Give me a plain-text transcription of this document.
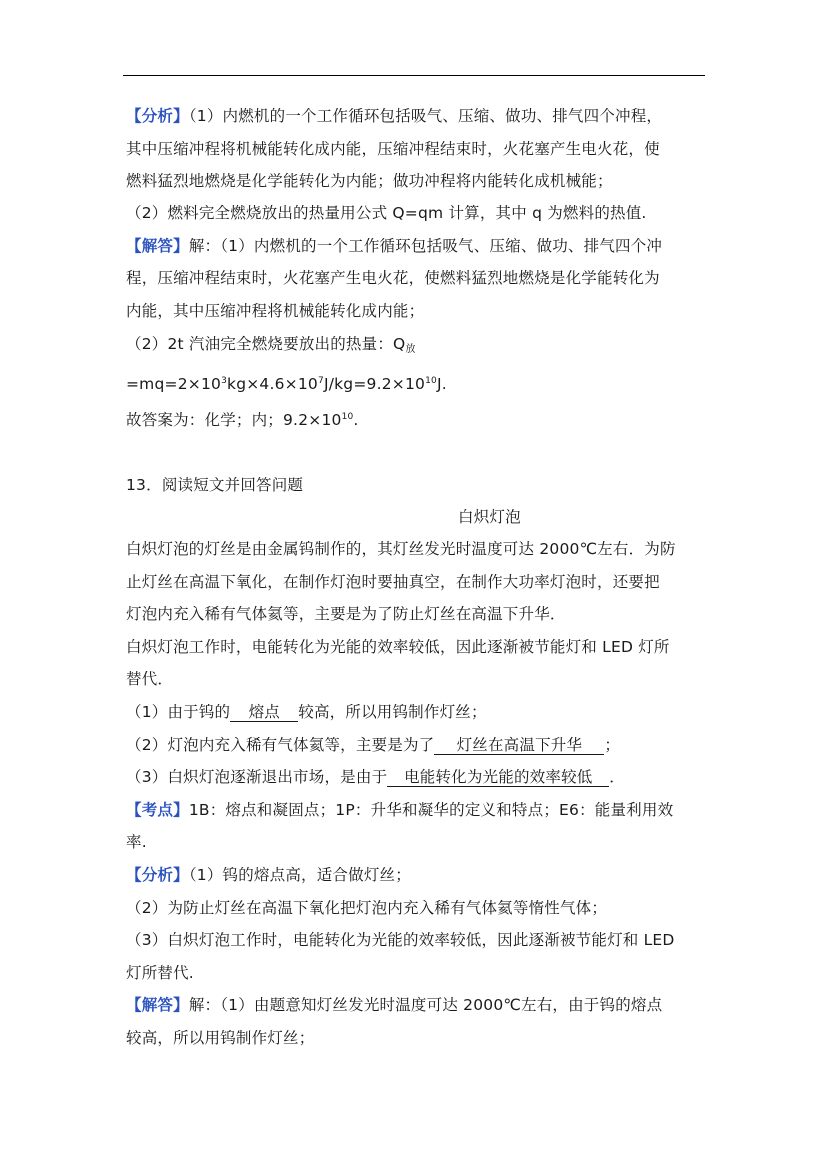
【分析】（1）内燃机的一个工作循环包括吸气、压缩、做功、排气四个冲程，
其中压缩冲程将机械能转化成内能，压缩冲程结束时，火花塞产生电火花，使
燃料猛烈地燃烧是化学能转化为内能；做功冲程将内能转化成机械能；
（2）燃料完全燃烧放出的热量用公式 Q=qm 计算，其中 q 为燃料的热值.
【解答】解：（1）内燃机的一个工作循环包括吸气、压缩、做功、排气四个冲
程，压缩冲程结束时，火花塞产生电火花，使燃料猛烈地燃烧是化学能转化为
内能，其中压缩冲程将机械能转化成内能；
（2）2t 汽油完全燃烧要放出的热量：$Q_放$
$=mq=2\times 10^3kg\times 4.6\times 10^7J/kg=9.2\times 10^{10}J$.
故答案为：化学；内；$9.2\times 10^{10}$.
13．阅读短文并回答问题
白炽灯泡
白炽灯泡的灯丝是由金属钨制作的，其灯丝发光时温度可达 2000℃左右．为防
止灯丝在高温下氧化，在制作灯泡时要抽真空，在制作大功率灯泡时，还要把
灯泡内充入稀有气体氦等，主要是为了防止灯丝在高温下升华．
白炽灯泡工作时，电能转化为光能的效率较低，因此逐渐被节能灯和 LED 灯所
替代．
（1）由于钨的 熔点 较高，所以用钨制作灯丝；
（2）灯泡内充入稀有气体氦等，主要是为了 灯丝在高温下升华 ；
（3）白炽灯泡逐渐退出市场，是由于 电能转化为光能的效率较低 ．
【考点】1B：熔点和凝固点；1P：升华和凝华的定义和特点；E6：能量利用效
率.
【分析】（1）钨的熔点高，适合做灯丝；
（2）为防止灯丝在高温下氧化把灯泡内充入稀有气体氦等惰性气体；
（3）白炽灯泡工作时，电能转化为光能的效率较低，因此逐渐被节能灯和 LED
灯所替代.
【解答】解：（1）由题意知灯丝发光时温度可达 2000℃左右，由于钨的熔点
较高，所以用钨制作灯丝；
